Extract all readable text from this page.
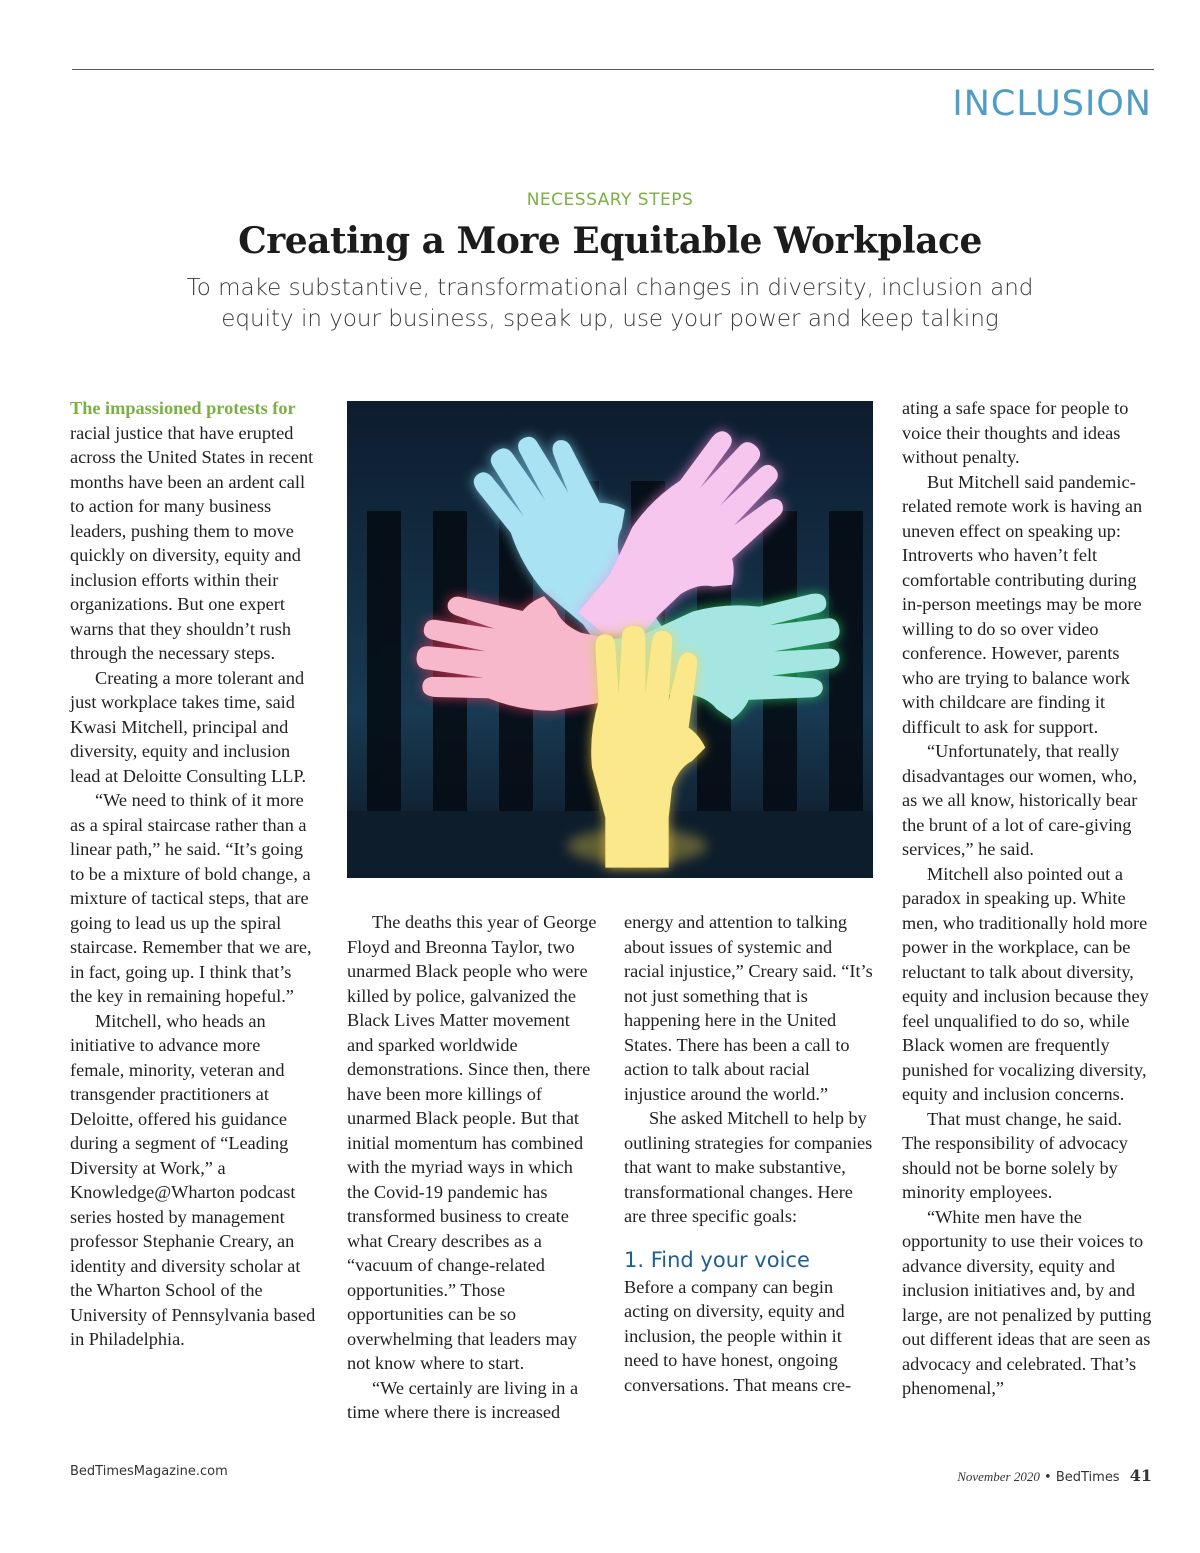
INCLUSION
NECESSARY STEPS
Creating a More Equitable Workplace
To make substantive, transformational changes in diversity, inclusion and
equity in your business, speak up, use your power and keep talking

The impassioned protests for racial justice that have erupted across the United States in recent months have been an ardent call to action for many business leaders, pushing them to move quickly on diversity, equity and inclusion efforts within their organizations. But one expert warns that they shouldn’t rush through the necessary steps.

Creating a more tolerant and just workplace takes time, said Kwasi Mitchell, principal and diversity, equity and inclusion lead at Deloitte Consulting LLP.

“We need to think of it more as a spiral staircase rather than a linear path,” he said. “It’s going to be a mixture of bold change, a mixture of tactical steps, that are going to lead us up the spiral staircase. Remember that we are, in fact, going up. I think that’s the key in remaining hopeful.”

Mitchell, who heads an initiative to advance more female, minority, veteran and transgender practitioners at Deloitte, offered his guidance during a segment of “Leading Diversity at Work,” a Knowledge@Wharton podcast series hosted by management professor Stephanie Creary, an identity and diversity scholar at the Wharton School of the University of Pennsylvania based in Philadelphia.

The deaths this year of George Floyd and Breonna Taylor, two unarmed Black people who were killed by police, galvanized the Black Lives Matter movement and sparked worldwide demonstrations. Since then, there have been more killings of unarmed Black people. But that initial momentum has combined with the myriad ways in which the Covid-19 pandemic has transformed business to create what Creary describes as a “vacuum of change-related opportunities.” Those opportunities can be so overwhelming that leaders may not know where to start.

“We certainly are living in a time where there is increased

energy and attention to talking about issues of systemic and racial injustice,” Creary said. “It’s not just something that is happening here in the United States. There has been a call to action to talk about racial injustice around the world.”

She asked Mitchell to help by outlining strategies for companies that want to make substantive, transformational changes. Here are three specific goals:

1. Find your voice

Before a company can begin acting on diversity, equity and inclusion, the people within it need to have honest, ongoing conversations. That means cre-

ating a safe space for people to voice their thoughts and ideas without penalty.

But Mitchell said pandemic-related remote work is having an uneven effect on speaking up: Introverts who haven’t felt comfortable contributing during in-person meetings may be more willing to do so over video conference. However, parents who are trying to balance work with childcare are finding it difficult to ask for support.

“Unfortunately, that really disadvantages our women, who, as we all know, historically bear the brunt of a lot of care-giving services,” he said.

Mitchell also pointed out a paradox in speaking up. White men, who traditionally hold more power in the workplace, can be reluctant to talk about diversity, equity and inclusion because they feel unqualified to do so, while Black women are frequently punished for vocalizing diversity, equity and inclusion concerns.

That must change, he said. The responsibility of advocacy should not be borne solely by minority employees.

“White men have the opportunity to use their voices to advance diversity, equity and inclusion initiatives and, by and large, are not penalized by putting out different ideas that are seen as advocacy and celebrated. That’s phenomenal,”

BedTimesMagazine.com	November 2020 • BedTimes 41
